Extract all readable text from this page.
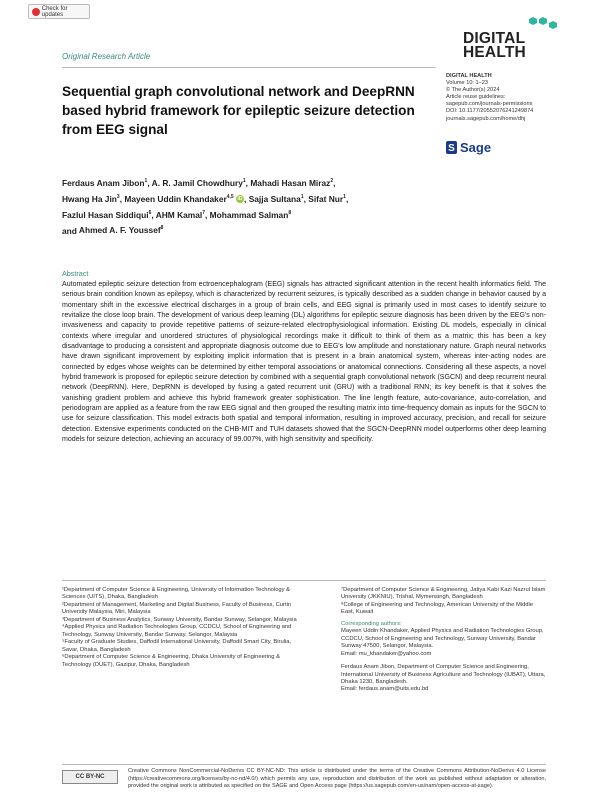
Check for updates
Original Research Article
DIGITAL
HEALTH
DIGITAL HEALTH
Volume 10: 1–23
© The Author(s) 2024
Article reuse guidelines:
sagepub.com/journals-permissions
DOI: 10.1177/20552076241249874
journals.sagepub.com/home/dhj
S Sage
Sequential graph convolutional network and DeepRNN based hybrid framework for epileptic seizure detection from EEG signal
Ferdaus Anam Jibon$^1$, A. R. Jamil Chowdhury$^1$, Mahadi Hasan Miraz$^2$,
Hwang Ha Jin$^3$, Mayeen Uddin Khandaker$^{4,5}$ iD , Sajja Sultana$^1$, Sifat Nur$^1$,
Fazlul Hasan Siddiqui$^6$, AHM Kamal$^7$, Mohammad Salman$^8$
and Ahmed A. F. Youssef$^8$
Abstract
Automated epileptic seizure detection from ectroencephalogram (EEG) signals has attracted significant attention in the recent health informatics field. The serious brain condition known as epilepsy, which is characterized by recurrent seizures, is typically described as a sudden change in behavior caused by a momentary shift in the excessive electrical discharges in a group of brain cells, and EEG signal is primarily used in most cases to identify seizure to revitalize the close loop brain. The development of various deep learning (DL) algorithms for epileptic seizure diagnosis has been driven by the EEG's non-invasiveness and capacity to provide repetitive patterns of seizure-related electrophysiological information. Existing DL models, especially in clinical contexts where irregular and unordered structures of physiological recordings make it difficult to think of them as a matrix; this has been a key disadvantage to producing a consistent and appropriate diagnosis outcome due to EEG's low amplitude and nonstationary nature. Graph neural networks have drawn significant improvement by exploiting implicit information that is present in a brain anatomical system, whereas inter-acting nodes are connected by edges whose weights can be determined by either temporal associations or anatomical connections. Considering all these aspects, a novel hybrid framework is proposed for epileptic seizure detection by combined with a sequential graph convolutional network (SGCN) and deep recurrent neural network (DeepRNN). Here, DepRNN is developed by fusing a gated recurrent unit (GRU) with a traditional RNN; its key benefit is that it solves the vanishing gradient problem and achieve this hybrid framework greater sophistication. The line length feature, auto-covariance, auto-correlation, and periodogram are applied as a feature from the raw EEG signal and then grouped the resulting matrix into time-frequency domain as inputs for the SGCN to use for seizure classification. This model extracts both spatial and temporal information, resulting in improved accuracy, precision, and recall for seizure detection. Extensive experiments conducted on the CHB-MIT and TUH datasets showed that the SGCN-DeepRNN model outperforms other deep learning models for seizure detection, achieving an accuracy of 99.007%, with high sensitivity and specificity.

¹Department of Computer Science & Engineering, University of Information Technology & Sciences (UITS), Dhaka, Bangladesh

²Department of Management, Marketing and Digital Business, Faculty of Business, Curtin University Malaysia, Miri, Malaysia

³Department of Business Analytics, Sunway University, Bandar Sunway, Selangor, Malaysia

⁴Applied Physics and Radiation Technologies Group, CCDCU, School of Engineering and Technology, Sunway University, Bandar Sunway, Selangor, Malaysia

⁵Faculty of Graduate Studies, Daffodil International University, Daffodil Smart City, Birulia, Savar, Dhaka, Bangladesh

⁶Department of Computer Science & Engineering, Dhaka University of Engineering & Technology (DUET), Gazipur, Dhaka, Bangladesh

⁷Department of Computer Science & Engineering, Jatiya Kabi Kazi Nazrul Islam University (JKKNIU), Trishal, Mymensingh, Bangladesh

⁸College of Engineering and Technology, American University of the Middle East, Kuwait

Corresponding authors:

Mayeen Uddin Khandaker, Applied Physics and Radiation Technologies Group, CCDCU, School of Engineering and Technology, Sunway University, Bandar Sunway 47500, Selangor, Malaysia.

Email: mu_khandaker@yahoo.com

Ferdaus Anam Jibon, Department of Computer Science and Engineering, International University of Business Agriculture and Technology (IUBAT), Uttara, Dhaka 1230, Bangladesh.

Email: ferdaus.anam@uits.edu.bd

CC BY-NC
Creative Commons NonCommercial-NoDerivs CC BY-NC-ND: This article is distributed under the terms of the Creative Commons Attribution-NoDerivs 4.0 License (https://creativecommons.org/licenses/by-nc-nd/4.0/) which permits any use, reproduction and distribution of the work as published without adaptation or alteration, provided the original work is attributed as specified on the SAGE and Open Access page (https://us.sagepub.com/en-us/nam/open-access-at-sage).
